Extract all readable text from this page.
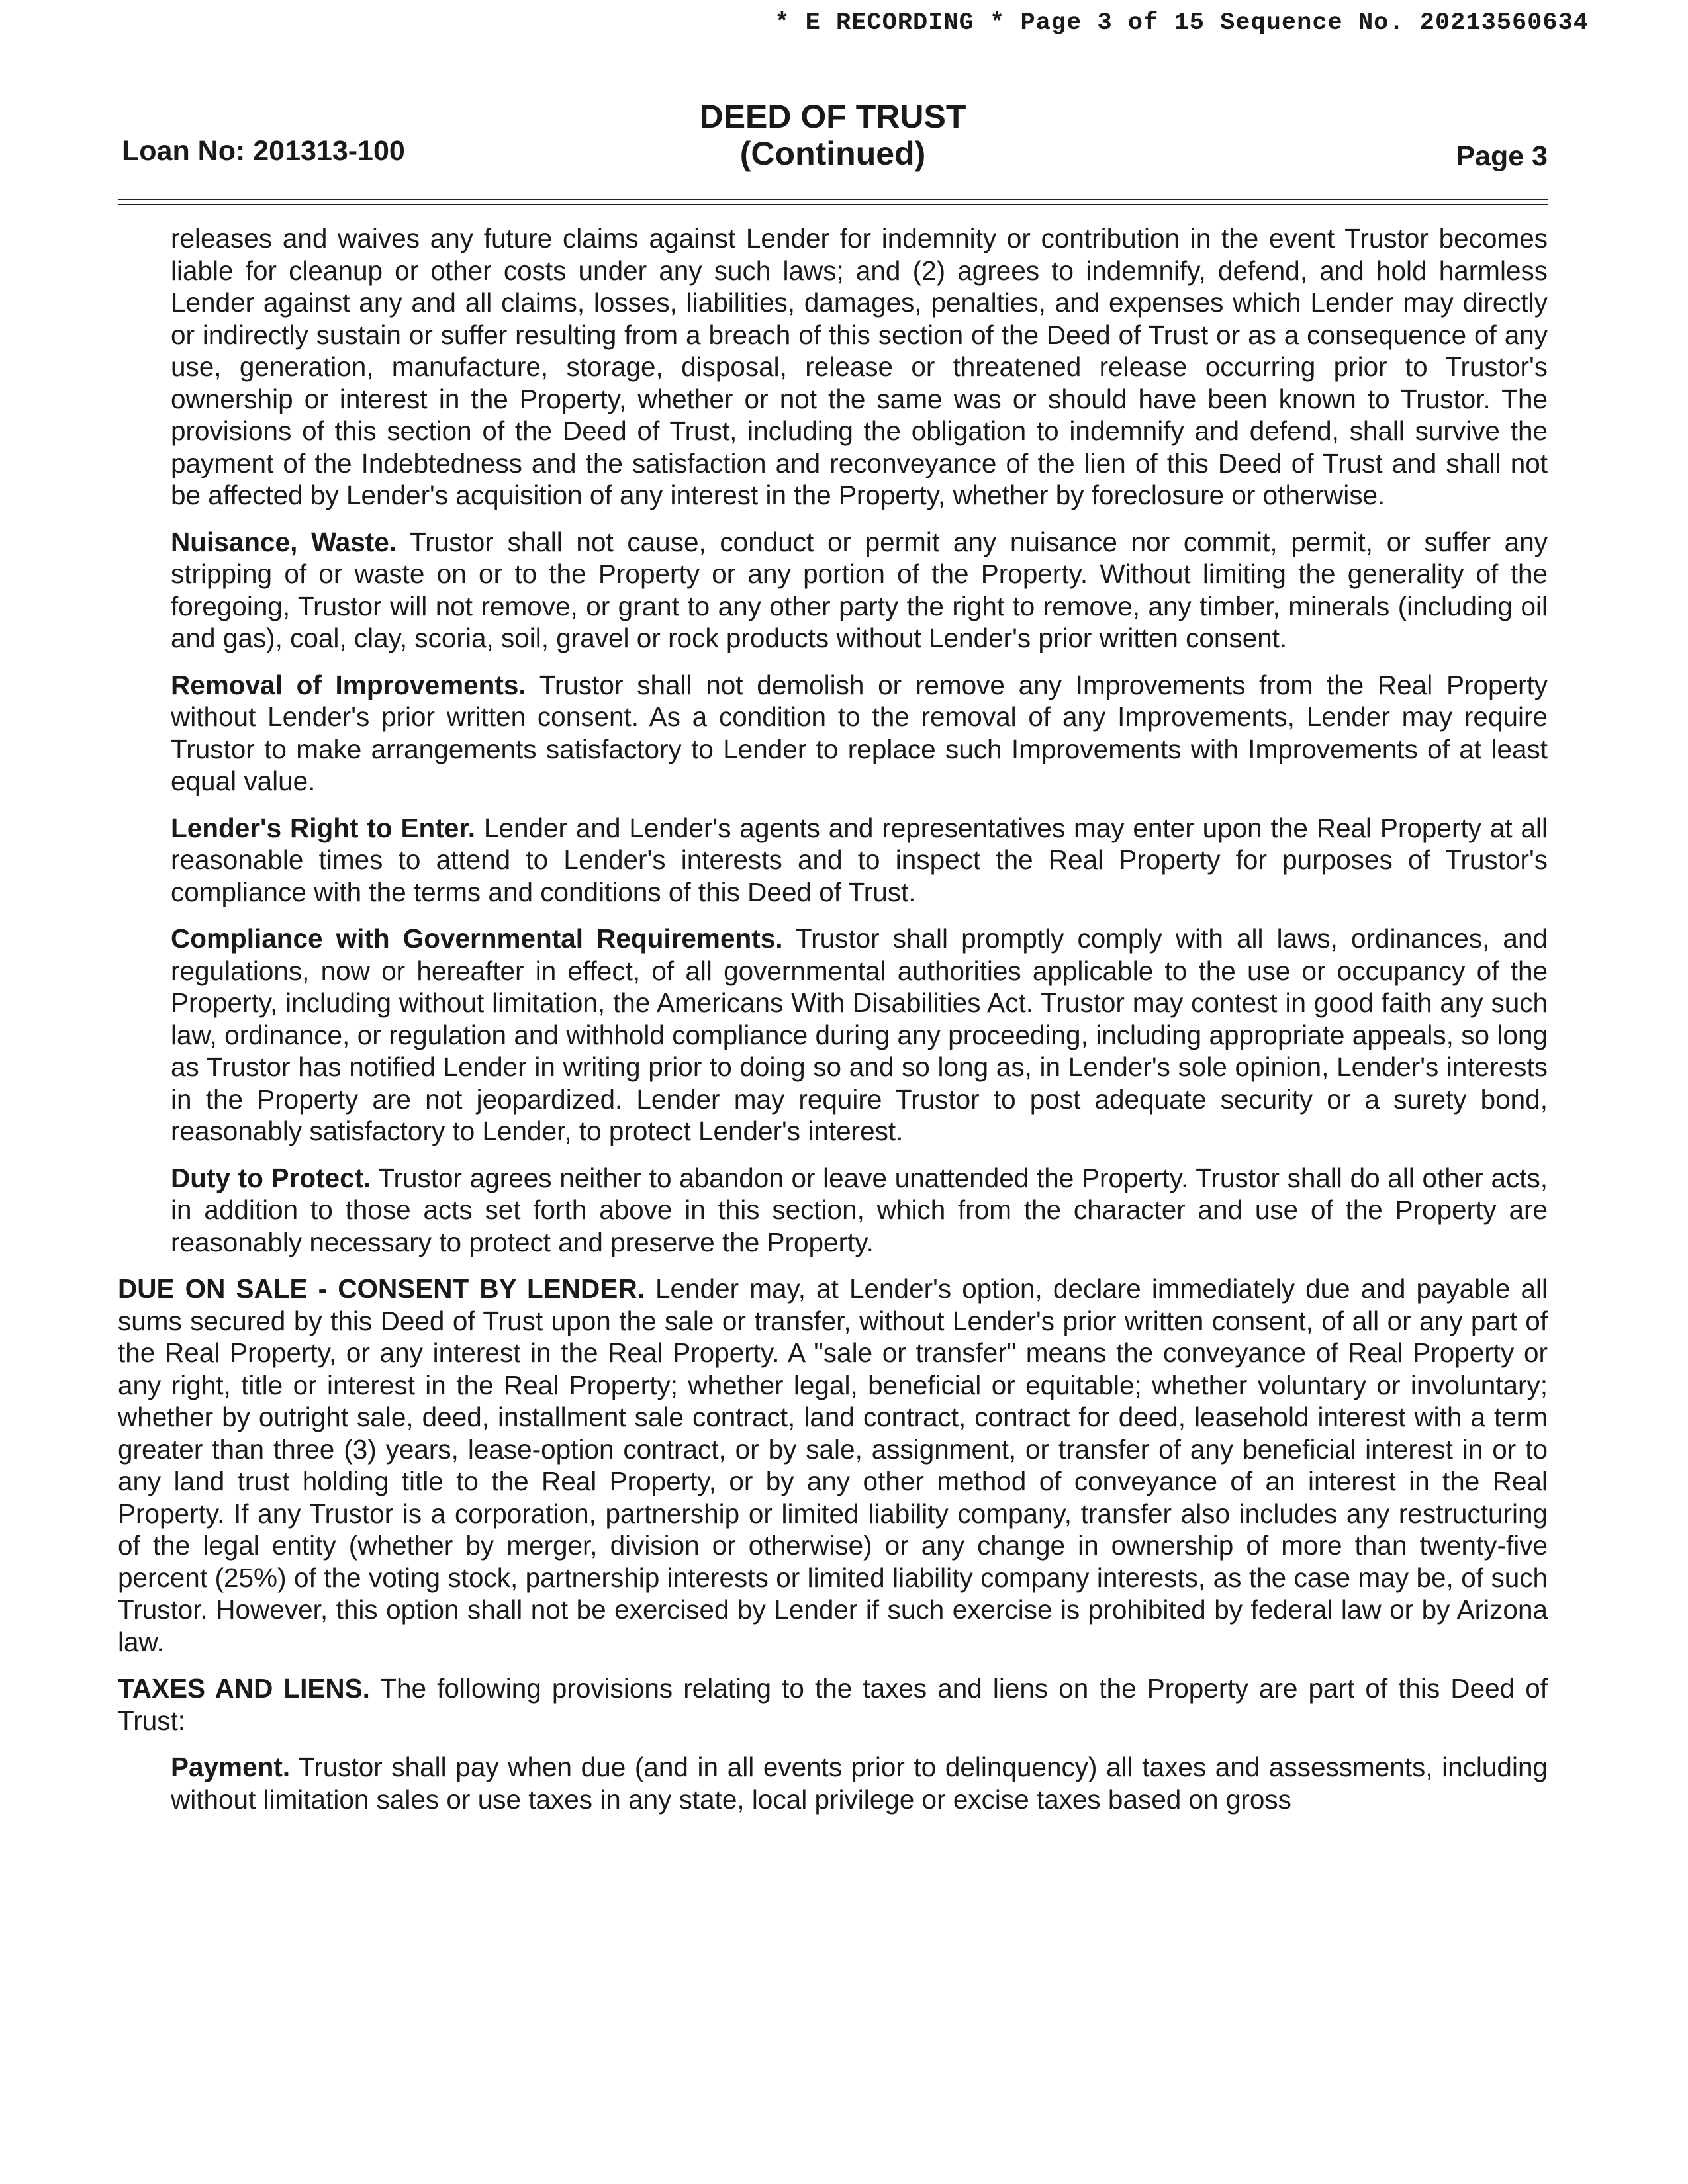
* E RECORDING * Page 3 of 15 Sequence No. 20213560634
Loan No: 201313-100
DEED OF TRUST
(Continued)	Page 3

releases and waives any future claims against Lender for indemnity or contribution in the event Trustor becomes liable for cleanup or other costs under any such laws; and (2) agrees to indemnify, defend, and hold harmless Lender against any and all claims, losses, liabilities, damages, penalties, and expenses which Lender may directly or indirectly sustain or suffer resulting from a breach of this section of the Deed of Trust or as a consequence of any use, generation, manufacture, storage, disposal, release or threatened release occurring prior to Trustor's ownership or interest in the Property, whether or not the same was or should have been known to Trustor. The provisions of this section of the Deed of Trust, including the obligation to indemnify and defend, shall survive the payment of the Indebtedness and the satisfaction and reconveyance of the lien of this Deed of Trust and shall not be affected by Lender's acquisition of any interest in the Property, whether by foreclosure or otherwise.

Nuisance, Waste. Trustor shall not cause, conduct or permit any nuisance nor commit, permit, or suffer any stripping of or waste on or to the Property or any portion of the Property. Without limiting the generality of the foregoing, Trustor will not remove, or grant to any other party the right to remove, any timber, minerals (including oil and gas), coal, clay, scoria, soil, gravel or rock products without Lender's prior written consent.

Removal of Improvements. Trustor shall not demolish or remove any Improvements from the Real Property without Lender's prior written consent. As a condition to the removal of any Improvements, Lender may require Trustor to make arrangements satisfactory to Lender to replace such Improvements with Improvements of at least equal value.

Lender's Right to Enter. Lender and Lender's agents and representatives may enter upon the Real Property at all reasonable times to attend to Lender's interests and to inspect the Real Property for purposes of Trustor's compliance with the terms and conditions of this Deed of Trust.

Compliance with Governmental Requirements. Trustor shall promptly comply with all laws, ordinances, and regulations, now or hereafter in effect, of all governmental authorities applicable to the use or occupancy of the Property, including without limitation, the Americans With Disabilities Act. Trustor may contest in good faith any such law, ordinance, or regulation and withhold compliance during any proceeding, including appropriate appeals, so long as Trustor has notified Lender in writing prior to doing so and so long as, in Lender's sole opinion, Lender's interests in the Property are not jeopardized. Lender may require Trustor to post adequate security or a surety bond, reasonably satisfactory to Lender, to protect Lender's interest.

Duty to Protect. Trustor agrees neither to abandon or leave unattended the Property. Trustor shall do all other acts, in addition to those acts set forth above in this section, which from the character and use of the Property are reasonably necessary to protect and preserve the Property.

DUE ON SALE - CONSENT BY LENDER. Lender may, at Lender's option, declare immediately due and payable all sums secured by this Deed of Trust upon the sale or transfer, without Lender's prior written consent, of all or any part of the Real Property, or any interest in the Real Property. A "sale or transfer" means the conveyance of Real Property or any right, title or interest in the Real Property; whether legal, beneficial or equitable; whether voluntary or involuntary; whether by outright sale, deed, installment sale contract, land contract, contract for deed, leasehold interest with a term greater than three (3) years, lease-option contract, or by sale, assignment, or transfer of any beneficial interest in or to any land trust holding title to the Real Property, or by any other method of conveyance of an interest in the Real Property. If any Trustor is a corporation, partnership or limited liability company, transfer also includes any restructuring of the legal entity (whether by merger, division or otherwise) or any change in ownership of more than twenty-five percent (25%) of the voting stock, partnership interests or limited liability company interests, as the case may be, of such Trustor. However, this option shall not be exercised by Lender if such exercise is prohibited by federal law or by Arizona law.

TAXES AND LIENS. The following provisions relating to the taxes and liens on the Property are part of this Deed of Trust:

Payment. Trustor shall pay when due (and in all events prior to delinquency) all taxes and assessments, including without limitation sales or use taxes in any state, local privilege or excise taxes based on gross
